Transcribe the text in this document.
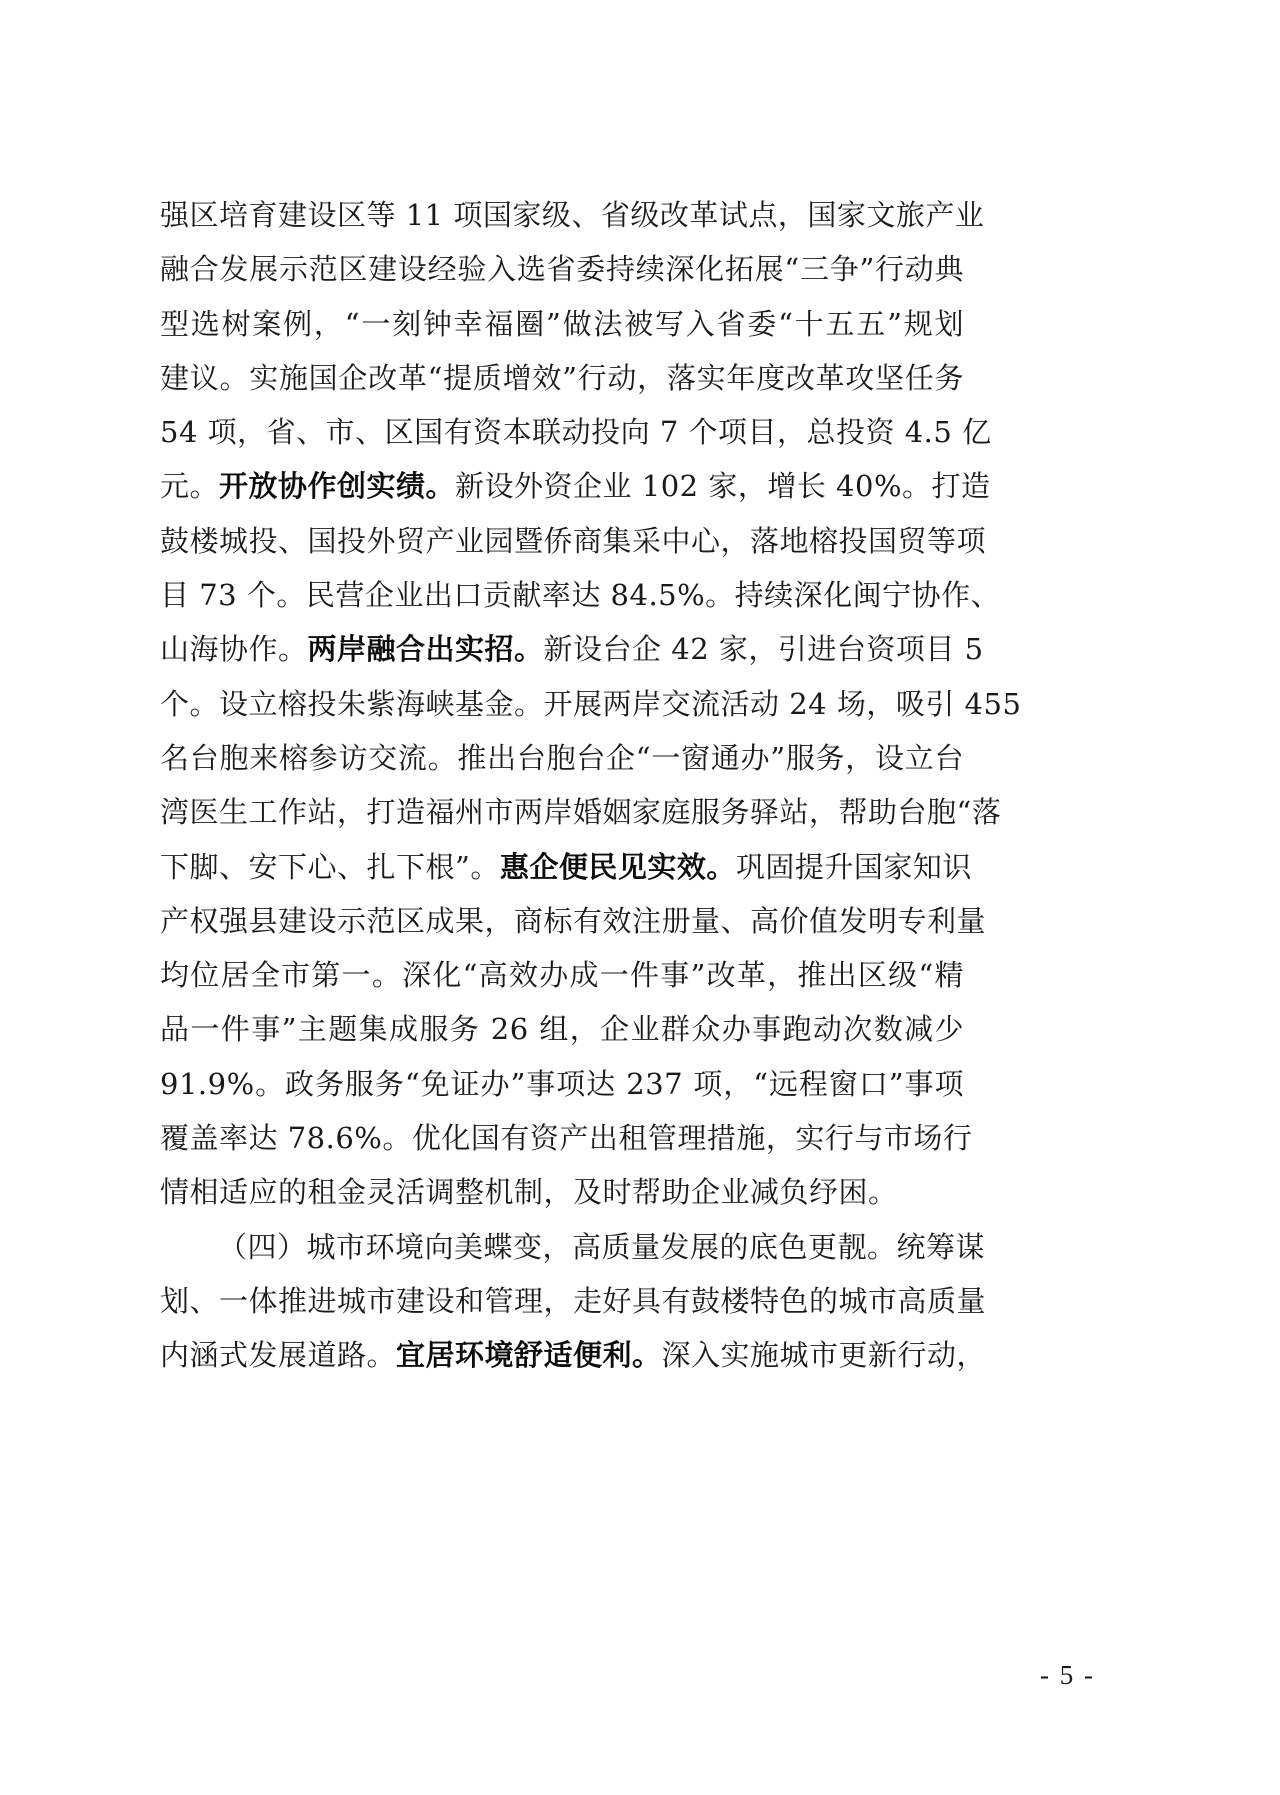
强区培育建设区等 11 项国家级、省级改革试点，国家文旅产业
融合发展示范区建设经验入选省委持续深化拓展“三争”行动典
型选树案例，“一刻钟幸福圈”做法被写入省委“十五五”规划
建议。实施国企改革“提质增效”行动，落实年度改革攻坚任务
54 项，省、市、区国有资本联动投向 7 个项目，总投资 4.5 亿
元。开放协作创实绩。新设外资企业 102 家，增长 40%。打造
鼓楼城投、国投外贸产业园暨侨商集采中心，落地榕投国贸等项
目 73 个。民营企业出口贡献率达 84.5%。持续深化闽宁协作、
山海协作。两岸融合出实招。新设台企 42 家，引进台资项目 5
个。设立榕投朱紫海峡基金。开展两岸交流活动 24 场，吸引 455
名台胞来榕参访交流。推出台胞台企“一窗通办”服务，设立台
湾医生工作站，打造福州市两岸婚姻家庭服务驿站，帮助台胞“落
下脚、安下心、扎下根”。惠企便民见实效。巩固提升国家知识
产权强县建设示范区成果，商标有效注册量、高价值发明专利量
均位居全市第一。深化“高效办成一件事”改革，推出区级“精
品一件事”主题集成服务 26 组，企业群众办事跑动次数减少
91.9%。政务服务“免证办”事项达 237 项，“远程窗口”事项
覆盖率达 78.6%。优化国有资产出租管理措施，实行与市场行
情相适应的租金灵活调整机制，及时帮助企业减负纾困。
（四）城市环境向美蝶变，高质量发展的底色更靓。统筹谋
划、一体推进城市建设和管理，走好具有鼓楼特色的城市高质量
内涵式发展道路。宜居环境舒适便利。深入实施城市更新行动，
- 5 -
